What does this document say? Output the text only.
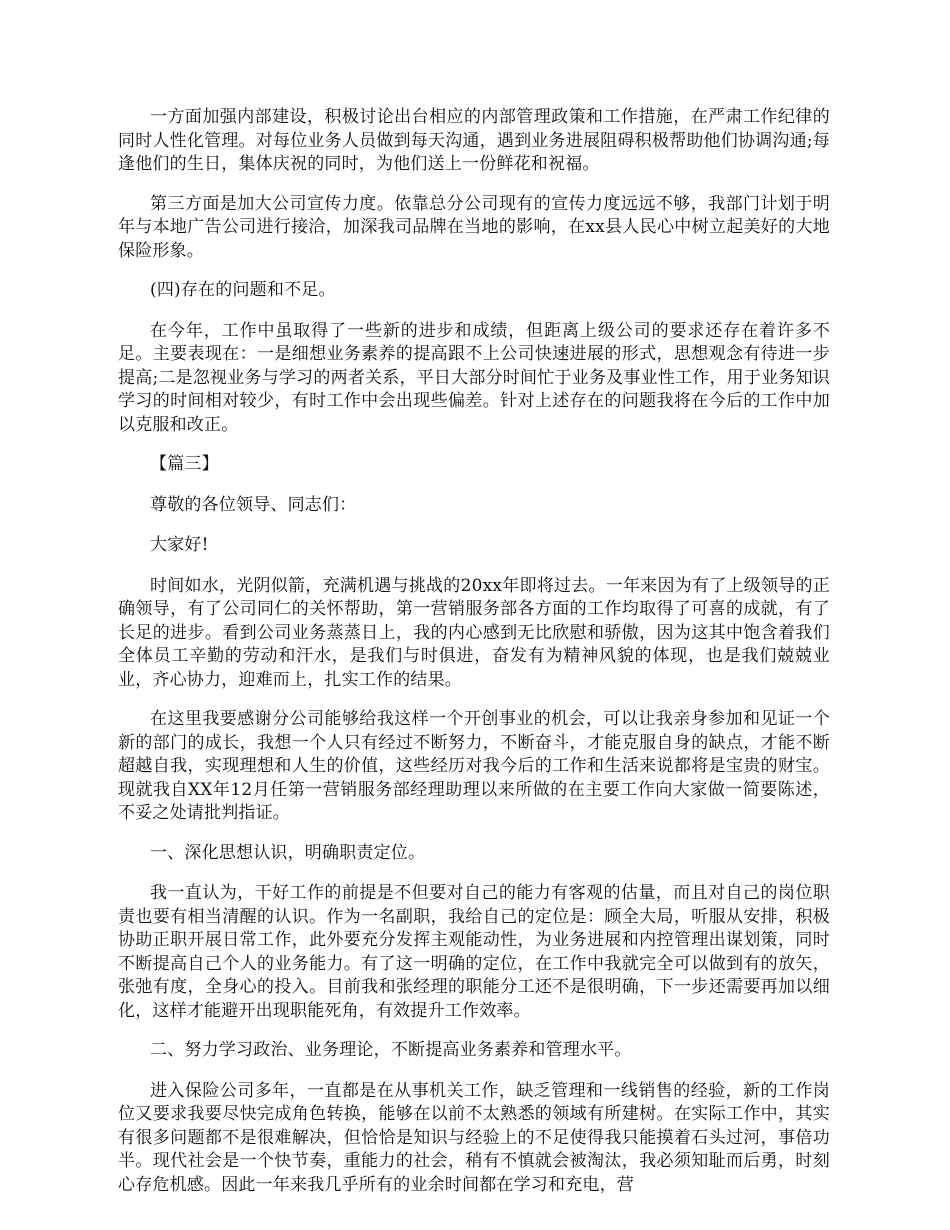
一方面加强内部建设，积极讨论出台相应的内部管理政策和工作措施，在严肃工作纪律的同时人性化管理。对每位业务人员做到每天沟通，遇到业务进展阻碍积极帮助他们协调沟通;每逢他们的生日，集体庆祝的同时，为他们送上一份鲜花和祝福。

第三方面是加大公司宣传力度。依靠总分公司现有的宣传力度远远不够，我部门计划于明年与本地广告公司进行接洽，加深我司品牌在当地的影响，在xx县人民心中树立起美好的大地保险形象。

(四)存在的问题和不足。

在今年，工作中虽取得了一些新的进步和成绩，但距离上级公司的要求还存在着许多不足。主要表现在：一是细想业务素养的提高跟不上公司快速进展的形式，思想观念有待进一步提高;二是忽视业务与学习的两者关系，平日大部分时间忙于业务及事业性工作，用于业务知识学习的时间相对较少，有时工作中会出现些偏差。针对上述存在的问题我将在今后的工作中加以克服和改正。

【篇三】

尊敬的各位领导、同志们：

大家好!

时间如水，光阴似箭，充满机遇与挑战的20xx年即将过去。一年来因为有了上级领导的正确领导，有了公司同仁的关怀帮助，第一营销服务部各方面的工作均取得了可喜的成就，有了长足的进步。看到公司业务蒸蒸日上，我的内心感到无比欣慰和骄傲，因为这其中饱含着我们全体员工辛勤的劳动和汗水，是我们与时俱进，奋发有为精神风貌的体现，也是我们兢兢业业，齐心协力，迎难而上，扎实工作的结果。

在这里我要感谢分公司能够给我这样一个开创事业的机会，可以让我亲身参加和见证一个新的部门的成长，我想一个人只有经过不断努力，不断奋斗，才能克服自身的缺点，才能不断超越自我，实现理想和人生的价值，这些经历对我今后的工作和生活来说都将是宝贵的财宝。现就我自XX年12月任第一营销服务部经理助理以来所做的在主要工作向大家做一简要陈述，不妥之处请批判指证。

一、深化思想认识，明确职责定位。

我一直认为，干好工作的前提是不但要对自己的能力有客观的估量，而且对自己的岗位职责也要有相当清醒的认识。作为一名副职，我给自己的定位是：顾全大局，听服从安排，积极协助正职开展日常工作，此外要充分发挥主观能动性，为业务进展和内控管理出谋划策，同时不断提高自己个人的业务能力。有了这一明确的定位，在工作中我就完全可以做到有的放矢，张弛有度，全身心的投入。目前我和张经理的职能分工还不是很明确，下一步还需要再加以细化，这样才能避开出现职能死角，有效提升工作效率。

二、努力学习政治、业务理论，不断提高业务素养和管理水平。

进入保险公司多年，一直都是在从事机关工作，缺乏管理和一线销售的经验，新的工作岗位又要求我要尽快完成角色转换，能够在以前不太熟悉的领域有所建树。在实际工作中，其实有很多问题都不是很难解决，但恰恰是知识与经验上的不足使得我只能摸着石头过河，事倍功半。现代社会是一个快节奏，重能力的社会，稍有不慎就会被淘汰，我必须知耻而后勇，时刻心存危机感。因此一年来我几乎所有的业余时间都在学习和充电，营
